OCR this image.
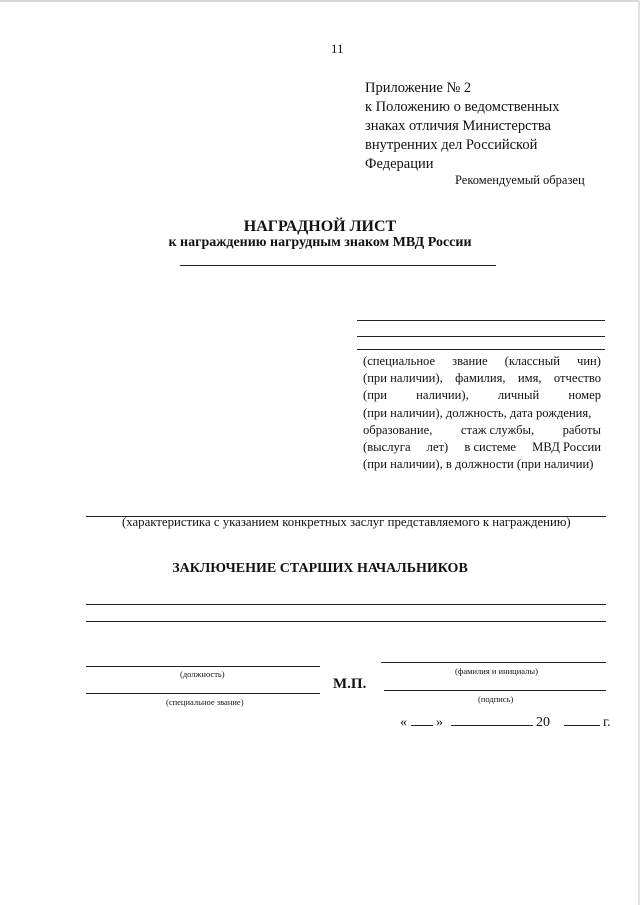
11
Приложение № 2
к Положению о ведомственных
знаках отличия Министерства
внутренних дел Российской
Федерации
Рекомендуемый образец
НАГРАДНОЙ ЛИСТ
к награждению нагрудным знаком МВД России
(специальное звание (классный чин)
(при наличии), фамилия, имя, отчество
(при наличии), личный номер
(при наличии), должность, дата рождения,
образование, стаж службы, работы
(выслуга лет) в системе МВД России
(при наличии), в должности (при наличии)
(характеристика с указанием конкретных заслуг представляемого к награждению)
ЗАКЛЮЧЕНИЕ СТАРШИХ НАЧАЛЬНИКОВ
(должность)	(фамилия и инициалы)
М.П.
(специальное звание)	(подпись)
« »	20	г.
